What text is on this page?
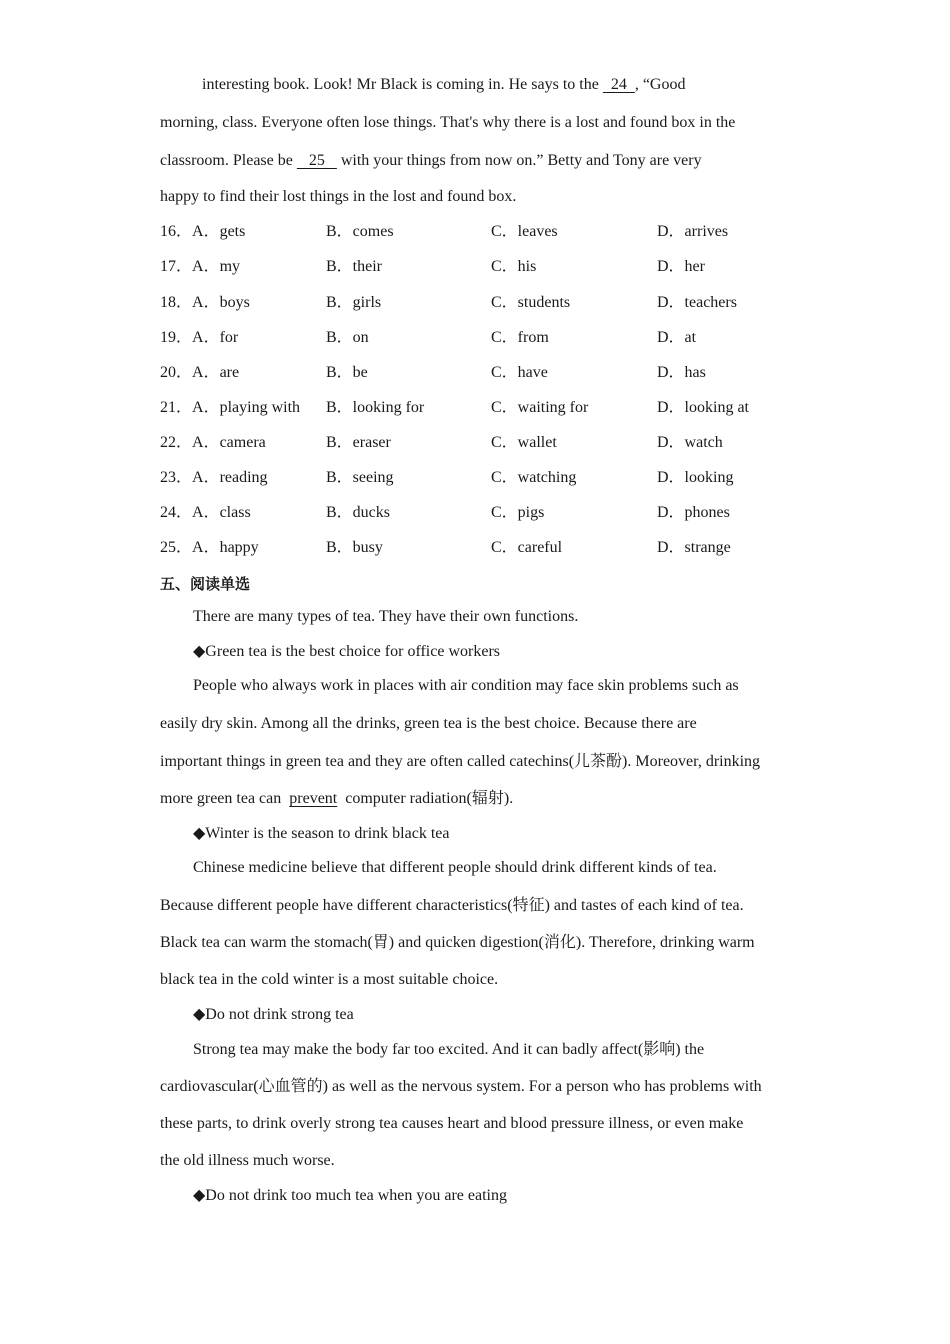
interesting book. Look! Mr Black is coming in. He says to the   24  , “Good
morning, class. Everyone often lose things. That's why there is a lost and found box in the
classroom. Please be    25    with your things from now on.” Betty and Tony are very
happy to find their lost things in the lost and found box.
16．A．gets	B．comes	C．leaves	D．arrives
17．A．my	B．their	C．his	D．her
18．A．boys	B．girls	C．students	D．teachers
19．A．for	B．on	C．from	D．at
20．A．are	B．be	C．have	D．has
21．A．playing with B．looking for	C．waiting for	D．looking at
22．A．camera	B．eraser	C．wallet	D．watch
23．A．reading	B．seeing	C．watching	D．looking
24．A．class	B．ducks	C．pigs	D．phones
25．A．happy	B．busy	C．careful	D．strange
五、阅读单选
There are many types of tea. They have their own functions.
◆Green tea is the best choice for office workers
People who always work in places with air condition may face skin problems such as
easily dry skin. Among all the drinks, green tea is the best choice. Because there are
important things in green tea and they are often called catechins(儿茶酚). Moreover, drinking
more green tea can  prevent  computer radiation(辐射).
◆Winter is the season to drink black tea
Chinese medicine believe that different people should drink different kinds of tea.
Because different people have different characteristics(特征) and tastes of each kind of tea.
Black tea can warm the stomach(胃) and quicken digestion(消化). Therefore, drinking warm
black tea in the cold winter is a most suitable choice.
◆Do not drink strong tea
Strong tea may make the body far too excited. And it can badly affect(影响) the
cardiovascular(心血管的) as well as the nervous system. For a person who has problems with
these parts, to drink overly strong tea causes heart and blood pressure illness, or even make
the old illness much worse.
◆Do not drink too much tea when you are eating
